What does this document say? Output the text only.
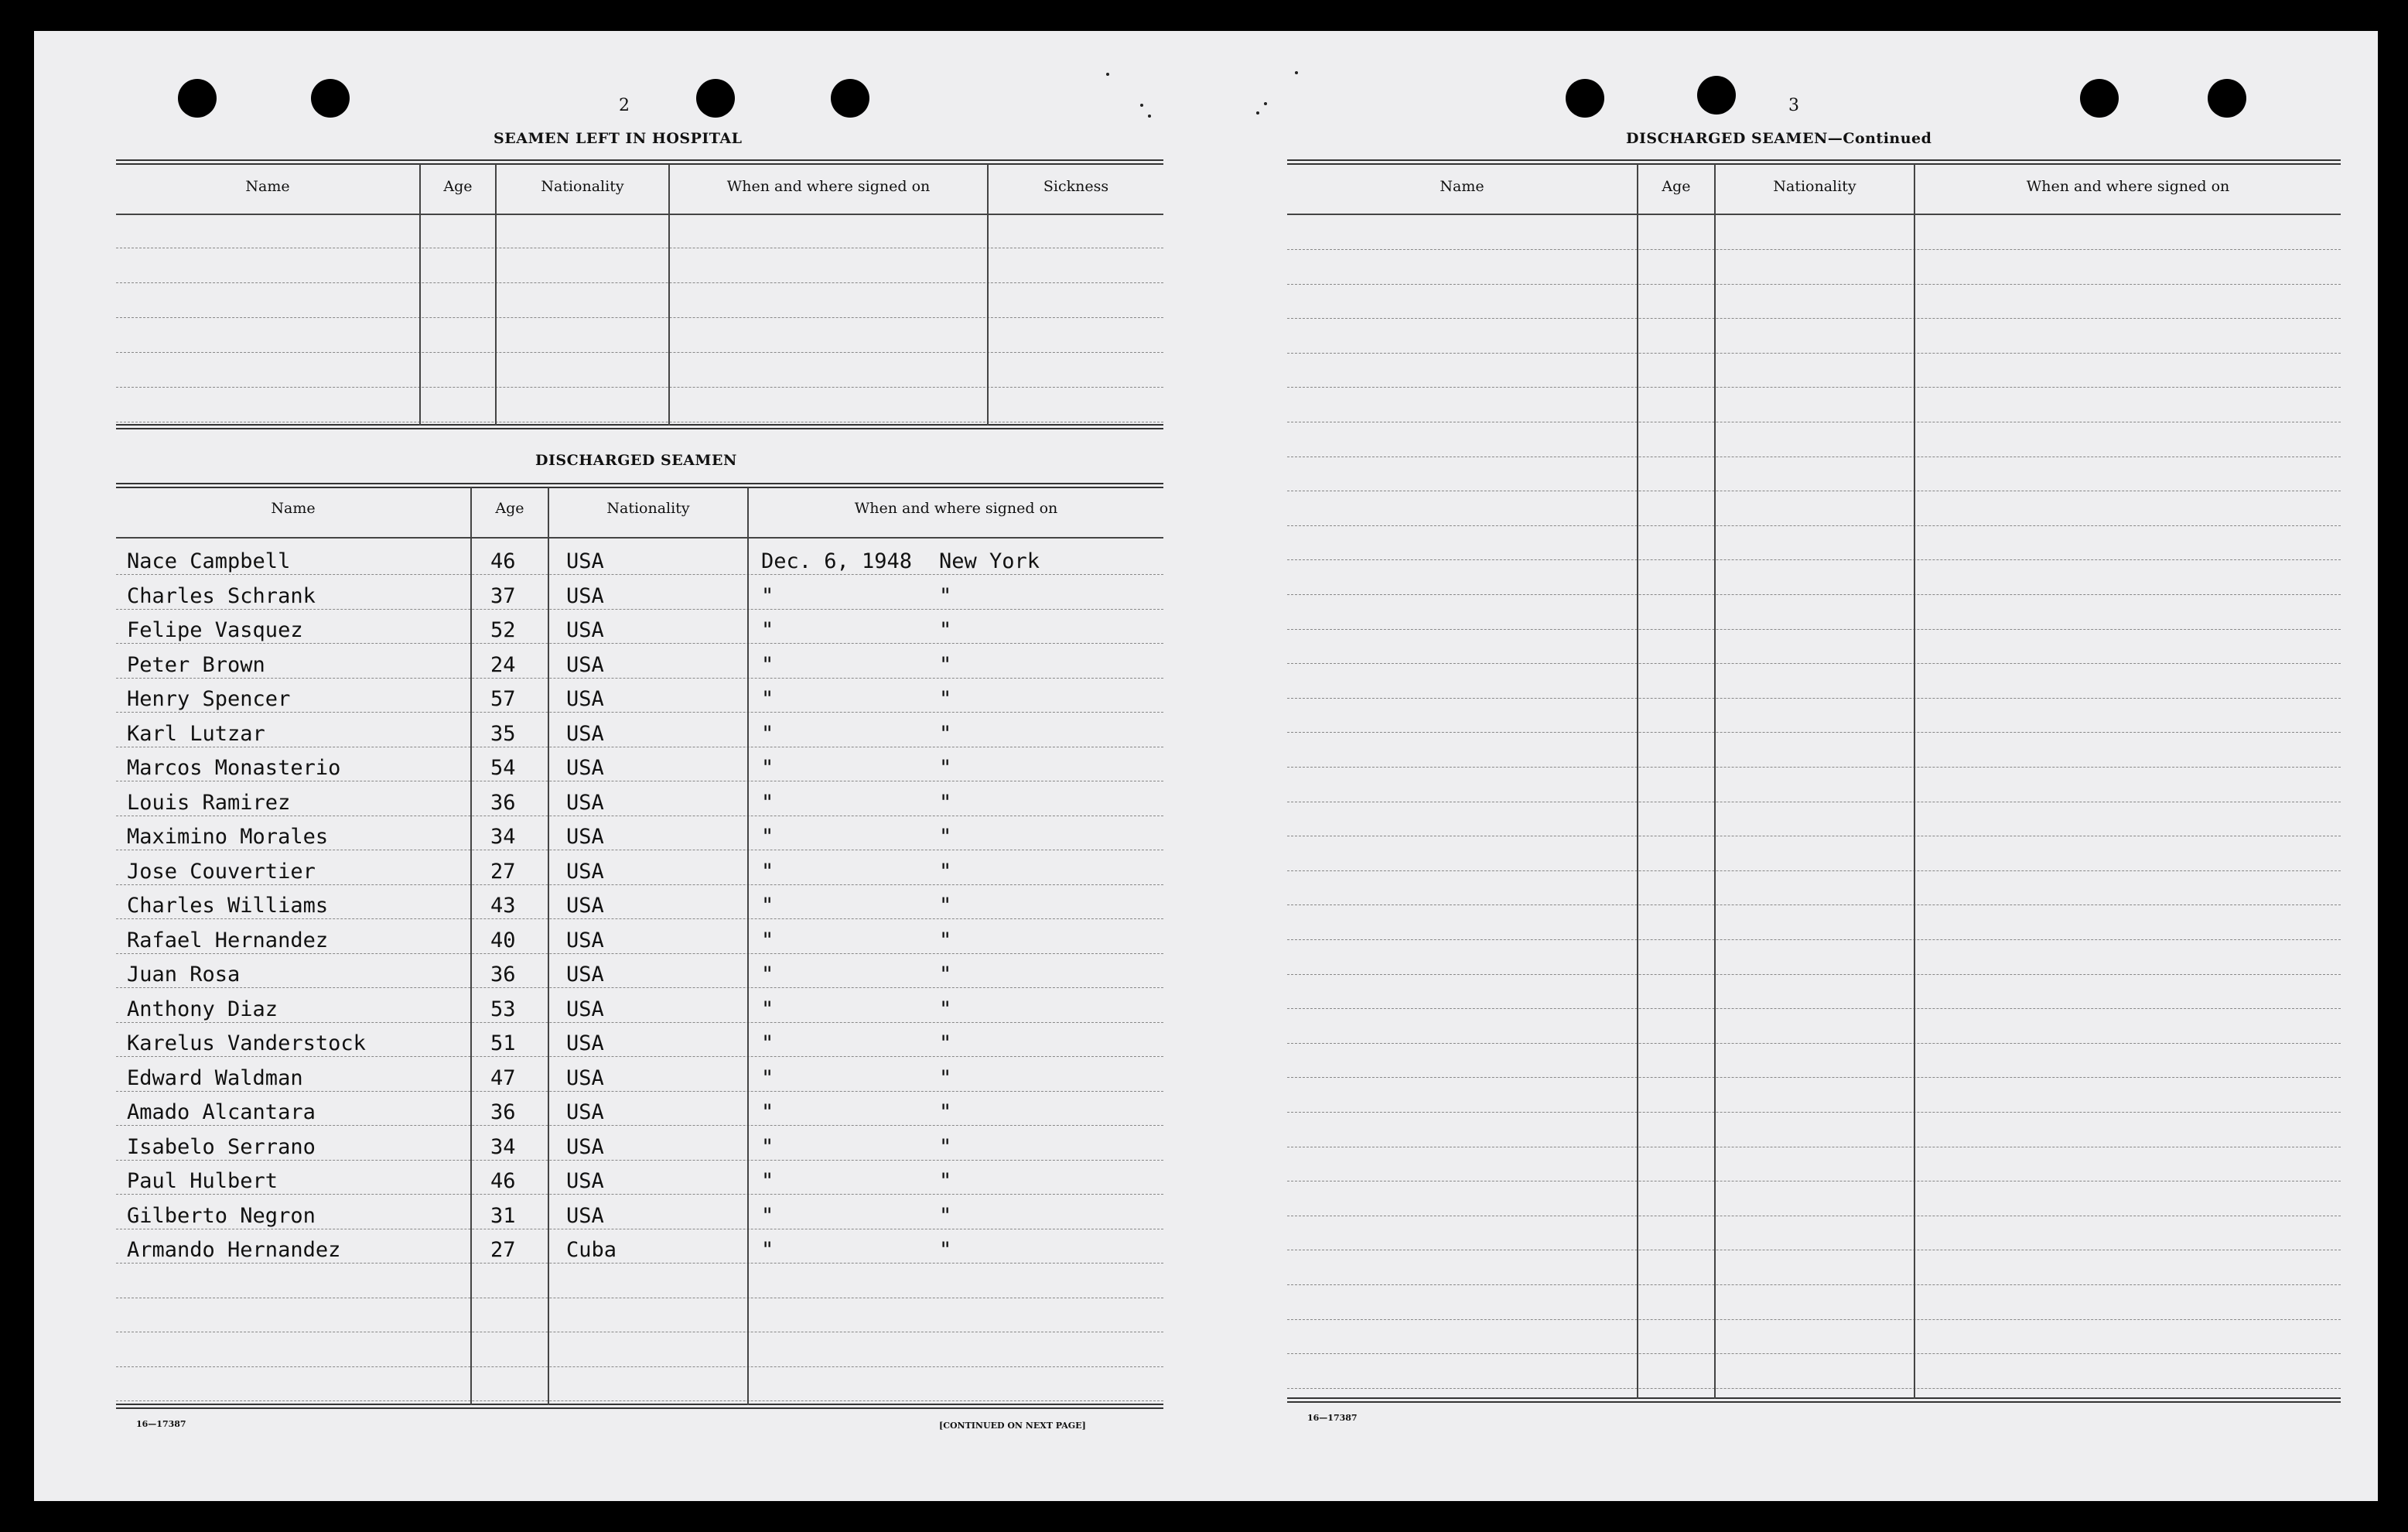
2
SEAMEN LEFT IN HOSPITAL
Name	Age	Nationality	When and where signed on	Sickness
DISCHARGED SEAMEN
Name	Age	Nationality	When and where signed on
Nace Campbell	46 USA	Dec. 6, 1948 New York
Charles Schrank	37 USA	"	"
Felipe Vasquez	52 USA	"	"
Peter Brown	24 USA	"	"
Henry Spencer	57 USA	"	"
Karl Lutzar	35 USA	"	"
Marcos Monasterio	54 USA	"	"
Louis Ramirez	36 USA	"	"
Maximino Morales	34 USA	"	"
Jose Couvertier	27 USA	"	"
Charles Williams	43 USA	"	"
Rafael Hernandez	40 USA	"	"
Juan Rosa	36 USA	"	"
Anthony Diaz	53 USA	"	"
Karelus Vanderstock	51 USA	"	"
Edward Waldman	47 USA	"	"
Amado Alcantara	36 USA	"	"
Isabelo Serrano	34 USA	"	"
Paul Hulbert	46 USA	"	"
Gilberto Negron	31 USA	"	"
Armando Hernandez	27 Cuba	"	"
16—17387	[CONTINUED ON NEXT PAGE]
3
DISCHARGED SEAMEN—Continued
Name	Age	Nationality	When and where signed on
16—17387
